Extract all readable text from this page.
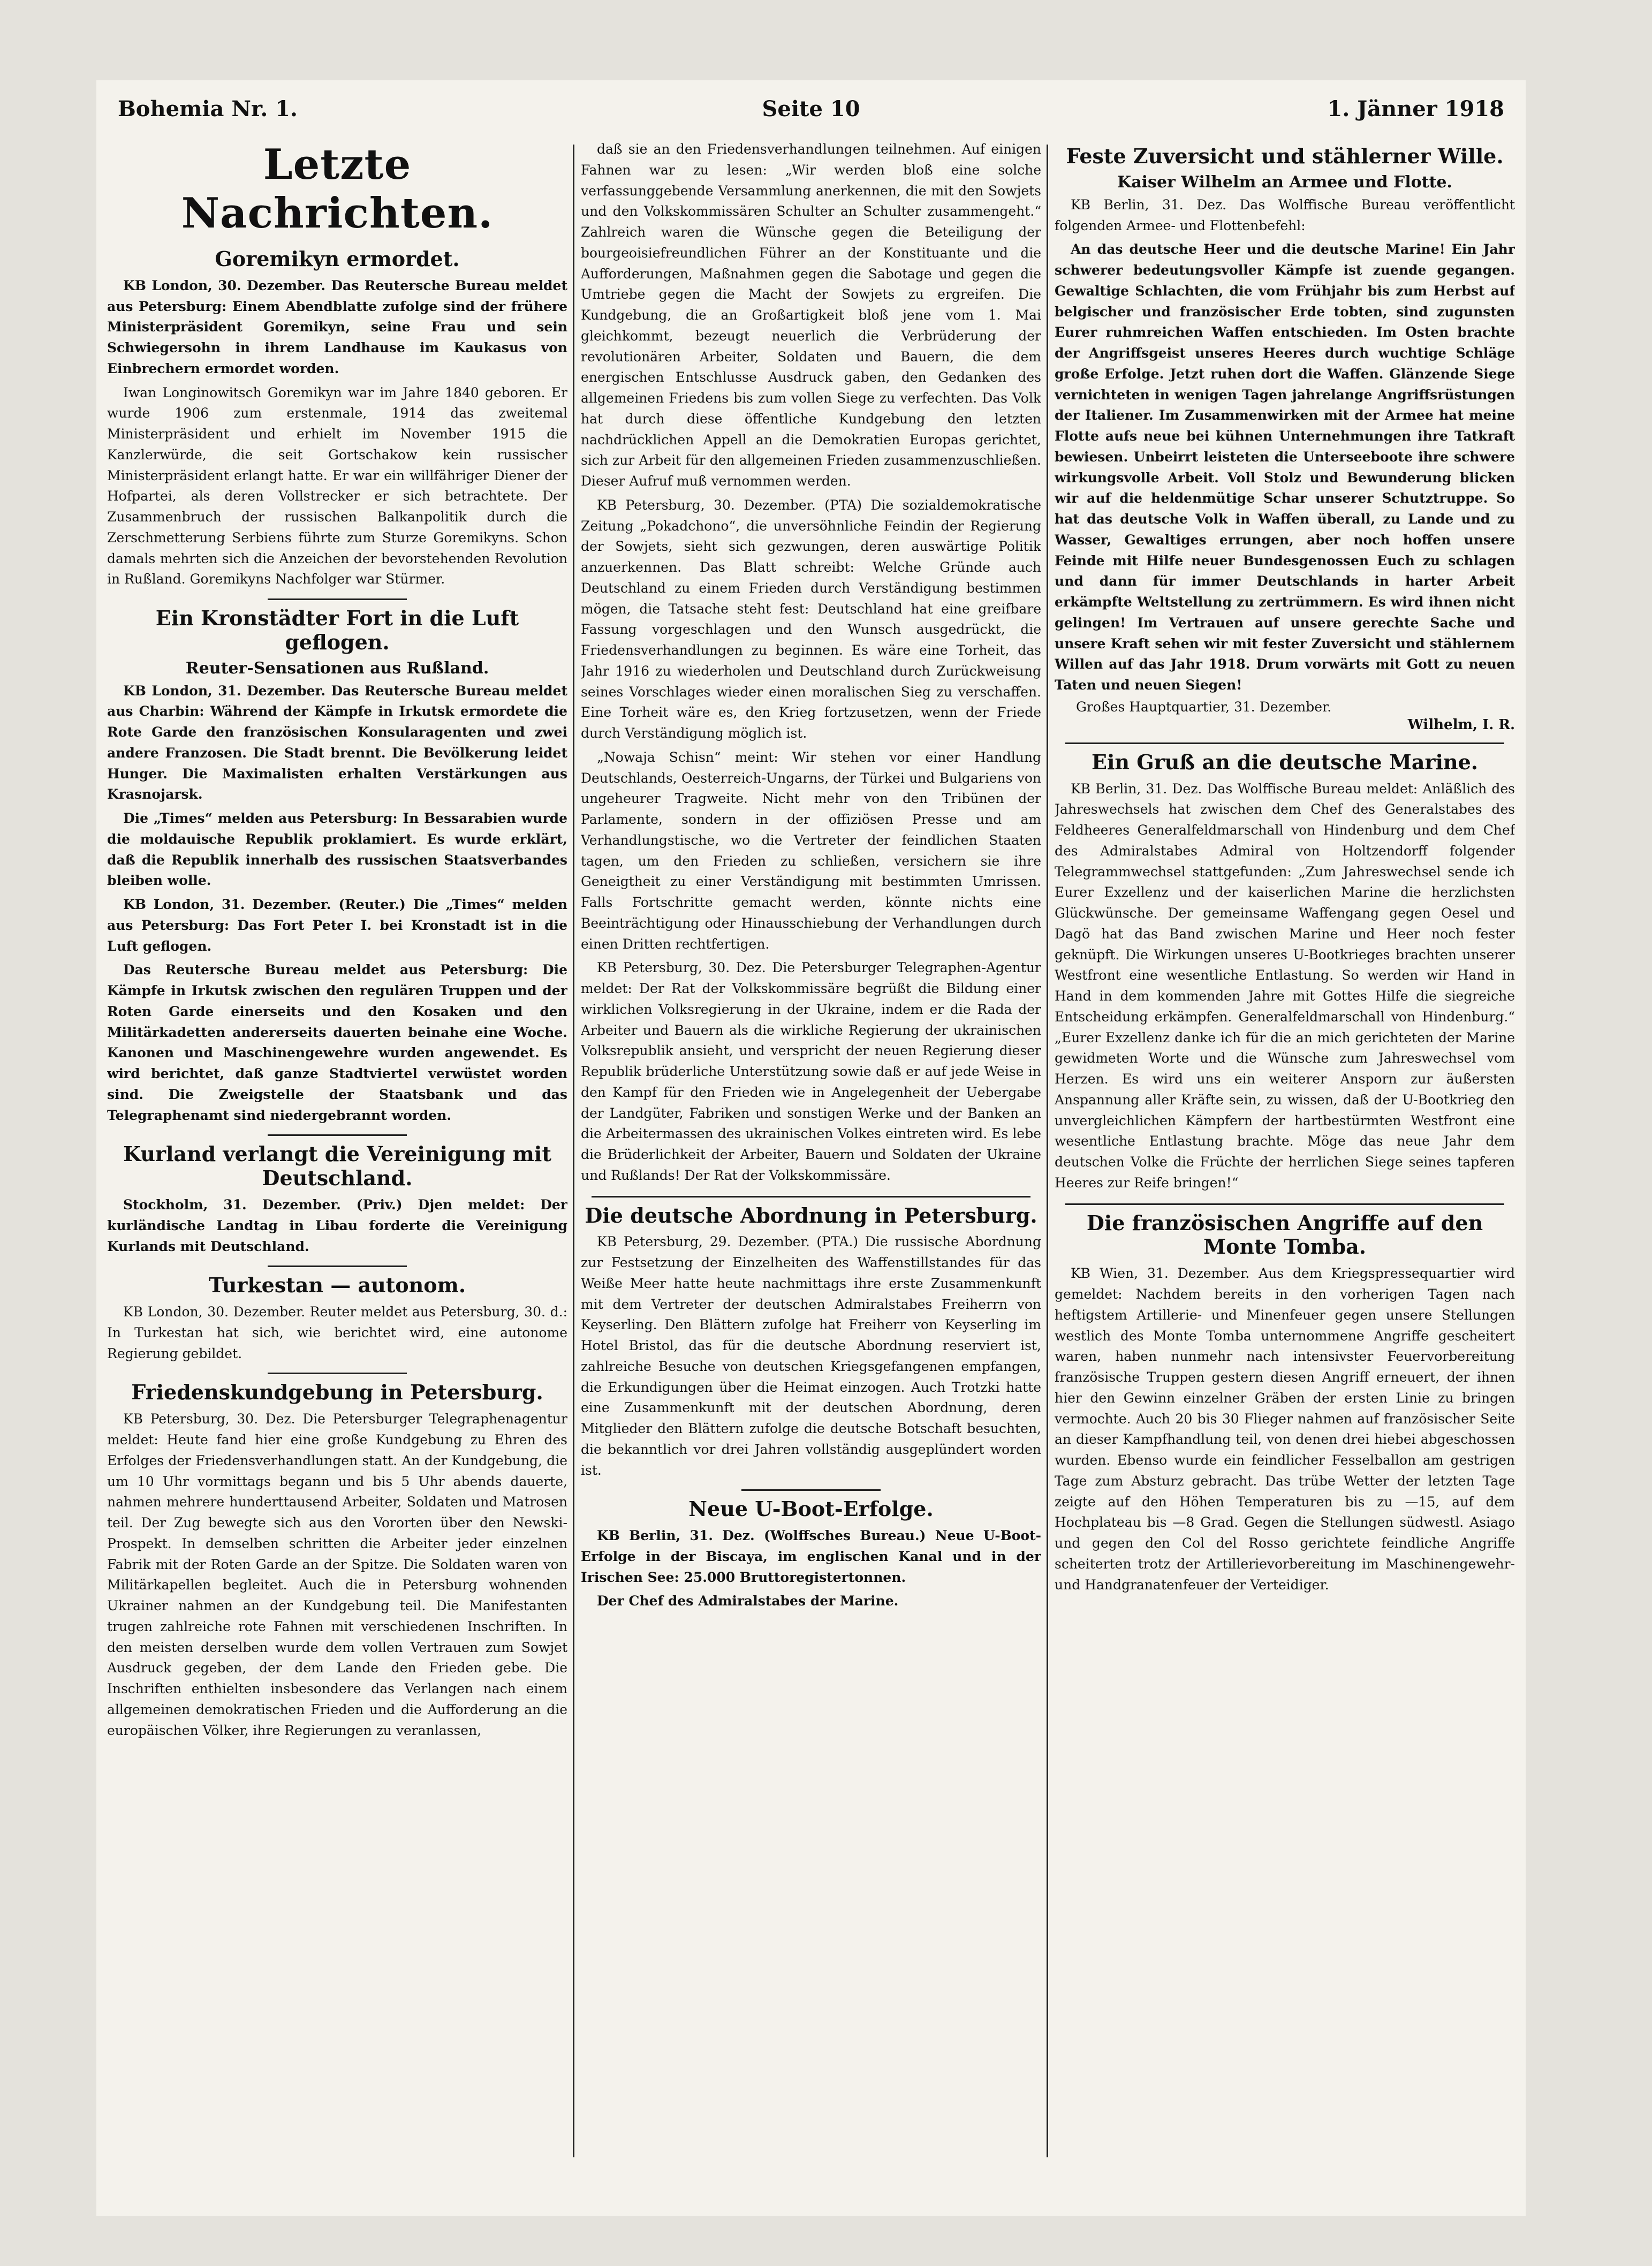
Bohemia Nr. 1.	Seite 10	1. Jänner 1918
Letzte Nachrichten.
Goremikyn ermordet.

KB London, 30. Dezember. Das Reutersche Bureau meldet aus Petersburg: Einem Abendblatte zufolge sind der frühere Ministerpräsident Goremikyn, seine Frau und sein Schwiegersohn in ihrem Landhause im Kaukasus von Einbrechern ermordet worden.

Iwan Longinowitsch Goremikyn war im Jahre 1840 geboren. Er wurde 1906 zum erstenmale, 1914 das zweitemal Ministerpräsident und erhielt im November 1915 die Kanzlerwürde, die seit Gortschakow kein russischer Ministerpräsident erlangt hatte. Er war ein willfähriger Diener der Hofpartei, als deren Vollstrecker er sich betrachtete. Der Zusammenbruch der russischen Balkanpolitik durch die Zerschmetterung Serbiens führte zum Sturze Goremikyns. Schon damals mehrten sich die Anzeichen der bevorstehenden Revolution in Rußland. Goremikyns Nachfolger war Stürmer.

Ein Kronstädter Fort in die Luft geflogen.
Reuter-Sensationen aus Rußland.

KB London, 31. Dezember. Das Reutersche Bureau meldet aus Charbin: Während der Kämpfe in Irkutsk ermordete die Rote Garde den französischen Konsularagenten und zwei andere Franzosen. Die Stadt brennt. Die Bevölkerung leidet Hunger. Die Maximalisten erhalten Verstärkungen aus Krasnojarsk.

Die „Times“ melden aus Petersburg: In Bessarabien wurde die moldauische Republik proklamiert. Es wurde erklärt, daß die Republik innerhalb des russischen Staatsverbandes bleiben wolle.

KB London, 31. Dezember. (Reuter.) Die „Times“ melden aus Petersburg: Das Fort Peter I. bei Kronstadt ist in die Luft geflogen.

Das Reutersche Bureau meldet aus Petersburg: Die Kämpfe in Irkutsk zwischen den regulären Truppen und der Roten Garde einerseits und den Kosaken und den Militärkadetten andererseits dauerten beinahe eine Woche. Kanonen und Maschinengewehre wurden angewendet. Es wird berichtet, daß ganze Stadtviertel verwüstet worden sind. Die Zweigstelle der Staatsbank und das Telegraphenamt sind niedergebrannt worden.

Kurland verlangt die Vereinigung mit Deutschland.

Stockholm, 31. Dezember. (Priv.) Djen meldet: Der kurländische Landtag in Libau forderte die Vereinigung Kurlands mit Deutschland.

Turkestan — autonom.

KB London, 30. Dezember. Reuter meldet aus Petersburg, 30. d.: In Turkestan hat sich, wie berichtet wird, eine autonome Regierung gebildet.

Friedenskundgebung in Petersburg.

KB Petersburg, 30. Dez. Die Petersburger Telegraphenagentur meldet: Heute fand hier eine große Kundgebung zu Ehren des Erfolges der Friedensverhandlungen statt. An der Kundgebung, die um 10 Uhr vormittags begann und bis 5 Uhr abends dauerte, nahmen mehrere hunderttausend Arbeiter, Soldaten und Matrosen teil. Der Zug bewegte sich aus den Vororten über den Newski-Prospekt. In demselben schritten die Arbeiter jeder einzelnen Fabrik mit der Roten Garde an der Spitze. Die Soldaten waren von Militärkapellen begleitet. Auch die in Petersburg wohnenden Ukrainer nahmen an der Kundgebung teil. Die Manifestanten trugen zahlreiche rote Fahnen mit verschiedenen Inschriften. In den meisten derselben wurde dem vollen Vertrauen zum Sowjet Ausdruck gegeben, der dem Lande den Frieden gebe. Die Inschriften enthielten insbesondere das Verlangen nach einem allgemeinen demokratischen Frieden und die Aufforderung an die europäischen Völker, ihre Regierungen zu veranlassen,

daß sie an den Friedensverhandlungen teilnehmen. Auf einigen Fahnen war zu lesen: „Wir werden bloß eine solche verfassunggebende Versammlung anerkennen, die mit den Sowjets und den Volkskommissären Schulter an Schulter zusammengeht.“ Zahlreich waren die Wünsche gegen die Beteiligung der bourgeoisiefreundlichen Führer an der Konstituante und die Aufforderungen, Maßnahmen gegen die Sabotage und gegen die Umtriebe gegen die Macht der Sowjets zu ergreifen. Die Kundgebung, die an Großartigkeit bloß jene vom 1. Mai gleichkommt, bezeugt neuerlich die Verbrüderung der revolutionären Arbeiter, Soldaten und Bauern, die dem energischen Entschlusse Ausdruck gaben, den Gedanken des allgemeinen Friedens bis zum vollen Siege zu verfechten. Das Volk hat durch diese öffentliche Kundgebung den letzten nachdrücklichen Appell an die Demokratien Europas gerichtet, sich zur Arbeit für den allgemeinen Frieden zusammenzuschließen. Dieser Aufruf muß vernommen werden.

KB Petersburg, 30. Dezember. (PTA) Die sozialdemokratische Zeitung „Pokadchono“, die unversöhnliche Feindin der Regierung der Sowjets, sieht sich gezwungen, deren auswärtige Politik anzuerkennen. Das Blatt schreibt: Welche Gründe auch Deutschland zu einem Frieden durch Verständigung bestimmen mögen, die Tatsache steht fest: Deutschland hat eine greifbare Fassung vorgeschlagen und den Wunsch ausgedrückt, die Friedensverhandlungen zu beginnen. Es wäre eine Torheit, das Jahr 1916 zu wiederholen und Deutschland durch Zurückweisung seines Vorschlages wieder einen moralischen Sieg zu verschaffen. Eine Torheit wäre es, den Krieg fortzusetzen, wenn der Friede durch Verständigung möglich ist.

„Nowaja Schisn“ meint: Wir stehen vor einer Handlung Deutschlands, Oesterreich-Ungarns, der Türkei und Bulgariens von ungeheurer Tragweite. Nicht mehr von den Tribünen der Parlamente, sondern in der offiziösen Presse und am Verhandlungstische, wo die Vertreter der feindlichen Staaten tagen, um den Frieden zu schließen, versichern sie ihre Geneigtheit zu einer Verständigung mit bestimmten Umrissen. Falls Fortschritte gemacht werden, könnte nichts eine Beeinträchtigung oder Hinausschiebung der Verhandlungen durch einen Dritten rechtfertigen.

KB Petersburg, 30. Dez. Die Petersburger Telegraphen-Agentur meldet: Der Rat der Volkskommissäre begrüßt die Bildung einer wirklichen Volksregierung in der Ukraine, indem er die Rada der Arbeiter und Bauern als die wirkliche Regierung der ukrainischen Volksrepublik ansieht, und verspricht der neuen Regierung dieser Republik brüderliche Unterstützung sowie daß er auf jede Weise in den Kampf für den Frieden wie in Angelegenheit der Uebergabe der Landgüter, Fabriken und sonstigen Werke und der Banken an die Arbeitermassen des ukrainischen Volkes eintreten wird. Es lebe die Brüderlichkeit der Arbeiter, Bauern und Soldaten der Ukraine und Rußlands! Der Rat der Volkskommissäre.

Die deutsche Abordnung in Petersburg.

KB Petersburg, 29. Dezember. (PTA.) Die russische Abordnung zur Festsetzung der Einzelheiten des Waffenstillstandes für das Weiße Meer hatte heute nachmittags ihre erste Zusammenkunft mit dem Vertreter der deutschen Admiralstabes Freiherrn von Keyserling. Den Blättern zufolge hat Freiherr von Keyserling im Hotel Bristol, das für die deutsche Abordnung reserviert ist, zahlreiche Besuche von deutschen Kriegsgefangenen empfangen, die Erkundigungen über die Heimat einzogen. Auch Trotzki hatte eine Zusammenkunft mit der deutschen Abordnung, deren Mitglieder den Blättern zufolge die deutsche Botschaft besuchten, die bekanntlich vor drei Jahren vollständig ausgeplündert worden ist.

Neue U-Boot-Erfolge.

KB Berlin, 31. Dez. (Wolffsches Bureau.) Neue U-Boot-Erfolge in der Biscaya, im englischen Kanal und in der Irischen See: 25.000 Bruttoregistertonnen.

Der Chef des Admiralstabes der Marine.

Feste Zuversicht und stählerner Wille.
Kaiser Wilhelm an Armee und Flotte.

KB Berlin, 31. Dez. Das Wolffische Bureau veröffentlicht folgenden Armee- und Flottenbefehl:

An das deutsche Heer und die deutsche Marine! Ein Jahr schwerer bedeutungsvoller Kämpfe ist zuende gegangen. Gewaltige Schlachten, die vom Frühjahr bis zum Herbst auf belgischer und französischer Erde tobten, sind zugunsten Eurer ruhmreichen Waffen entschieden. Im Osten brachte der Angriffsgeist unseres Heeres durch wuchtige Schläge große Erfolge. Jetzt ruhen dort die Waffen. Glänzende Siege vernichteten in wenigen Tagen jahrelange Angriffsrüstungen der Italiener. Im Zusammenwirken mit der Armee hat meine Flotte aufs neue bei kühnen Unternehmungen ihre Tatkraft bewiesen. Unbeirrt leisteten die Unterseeboote ihre schwere wirkungsvolle Arbeit. Voll Stolz und Bewunderung blicken wir auf die heldenmütige Schar unserer Schutztruppe. So hat das deutsche Volk in Waffen überall, zu Lande und zu Wasser, Gewaltiges errungen, aber noch hoffen unsere Feinde mit Hilfe neuer Bundesgenossen Euch zu schlagen und dann für immer Deutschlands in harter Arbeit erkämpfte Weltstellung zu zertrümmern. Es wird ihnen nicht gelingen! Im Vertrauen auf unsere gerechte Sache und unsere Kraft sehen wir mit fester Zuversicht und stählernem Willen auf das Jahr 1918. Drum vorwärts mit Gott zu neuen Taten und neuen Siegen!

Großes Hauptquartier, 31. Dezember.
Wilhelm, I. R.
Ein Gruß an die deutsche Marine.

KB Berlin, 31. Dez. Das Wolffische Bureau meldet: Anläßlich des Jahreswechsels hat zwischen dem Chef des Generalstabes des Feldheeres Generalfeldmarschall von Hindenburg und dem Chef des Admiralstabes Admiral von Holtzendorff folgender Telegrammwechsel stattgefunden: „Zum Jahreswechsel sende ich Eurer Exzellenz und der kaiserlichen Marine die herzlichsten Glückwünsche. Der gemeinsame Waffengang gegen Oesel und Dagö hat das Band zwischen Marine und Heer noch fester geknüpft. Die Wirkungen unseres U-Bootkrieges brachten unserer Westfront eine wesentliche Entlastung. So werden wir Hand in Hand in dem kommenden Jahre mit Gottes Hilfe die siegreiche Entscheidung erkämpfen. Generalfeldmarschall von Hindenburg.“ „Eurer Exzellenz danke ich für die an mich gerichteten der Marine gewidmeten Worte und die Wünsche zum Jahreswechsel vom Herzen. Es wird uns ein weiterer Ansporn zur äußersten Anspannung aller Kräfte sein, zu wissen, daß der U-Bootkrieg den unvergleichlichen Kämpfern der hartbestürmten Westfront eine wesentliche Entlastung brachte. Möge das neue Jahr dem deutschen Volke die Früchte der herrlichen Siege seines tapferen Heeres zur Reife bringen!“

Die französischen Angriffe auf den Monte Tomba.

KB Wien, 31. Dezember. Aus dem Kriegspressequartier wird gemeldet: Nachdem bereits in den vorherigen Tagen nach heftigstem Artillerie- und Minenfeuer gegen unsere Stellungen westlich des Monte Tomba unternommene Angriffe gescheitert waren, haben nunmehr nach intensivster Feuervorbereitung französische Truppen gestern diesen Angriff erneuert, der ihnen hier den Gewinn einzelner Gräben der ersten Linie zu bringen vermochte. Auch 20 bis 30 Flieger nahmen auf französischer Seite an dieser Kampfhandlung teil, von denen drei hiebei abgeschossen wurden. Ebenso wurde ein feindlicher Fesselballon am gestrigen Tage zum Absturz gebracht. Das trübe Wetter der letzten Tage zeigte auf den Höhen Temperaturen bis zu —15, auf dem Hochplateau bis —8 Grad. Gegen die Stellungen südwestl. Asiago und gegen den Col del Rosso gerichtete feindliche Angriffe scheiterten trotz der Artillerievorbereitung im Maschinengewehr- und Handgranatenfeuer der Verteidiger.
